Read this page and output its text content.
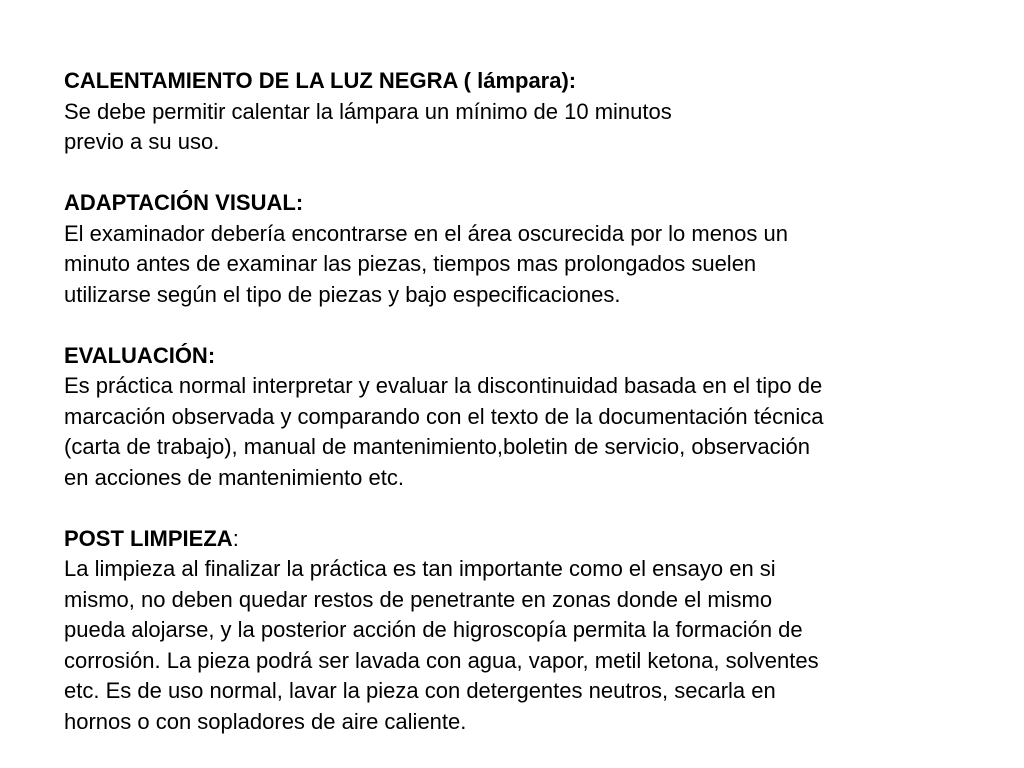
CALENTAMIENTO DE LA LUZ NEGRA ( lámpara):
Se debe permitir calentar la lámpara un mínimo de 10 minutos
previo a su uso.
ADAPTACIÓN VISUAL:
El examinador debería encontrarse en el área oscurecida por lo menos un
minuto antes de examinar las piezas, tiempos mas prolongados suelen
utilizarse según el tipo de piezas y bajo especificaciones.
EVALUACIÓN:
Es práctica normal interpretar y evaluar la discontinuidad basada en el tipo de
marcación observada y comparando con el texto de la documentación técnica
(carta de trabajo), manual de mantenimiento,boletin de servicio, observación
en acciones de mantenimiento etc.
POST LIMPIEZA:
La limpieza al finalizar la práctica es tan importante como el ensayo en si
mismo, no deben quedar restos de penetrante en zonas donde el mismo
pueda alojarse, y la posterior acción de higroscopía permita la formación de
corrosión. La pieza podrá ser lavada con agua, vapor, metil ketona, solventes
etc. Es de uso normal, lavar la pieza con detergentes neutros, secarla en
hornos o con sopladores de aire caliente.
